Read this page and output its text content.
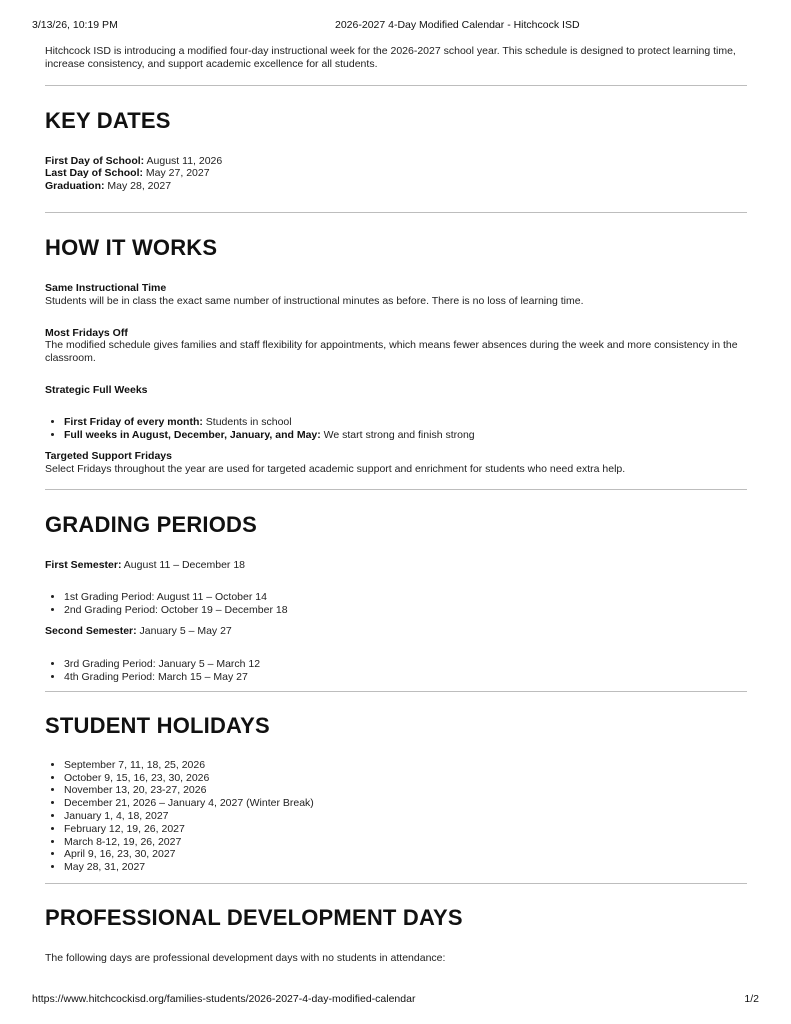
3/13/26, 10:19 PM	2026-2027 4-Day Modified Calendar - Hitchcock ISD

Hitchcock ISD is introducing a modified four-day instructional week for the 2026-2027 school year. This schedule is designed to protect learning time, increase consistency, and support academic excellence for all students.

KEY DATES

First Day of School: August 11, 2026

Last Day of School: May 27, 2027

Graduation: May 28, 2027

HOW IT WORKS

Same Instructional Time

Students will be in class the exact same number of instructional minutes as before. There is no loss of learning time.

Most Fridays Off

The modified schedule gives families and staff flexibility for appointments, which means fewer absences during the week and more consistency in the classroom.

Strategic Full Weeks

• First Friday of every month: Students in school
• Full weeks in August, December, January, and May: We start strong and finish strong

Targeted Support Fridays

Select Fridays throughout the year are used for targeted academic support and enrichment for students who need extra help.

GRADING PERIODS

First Semester: August 11 – December 18

• 1st Grading Period: August 11 – October 14
• 2nd Grading Period: October 19 – December 18

Second Semester: January 5 – May 27

• 3rd Grading Period: January 5 – March 12
• 4th Grading Period: March 15 – May 27
STUDENT HOLIDAYS
• September 7, 11, 18, 25, 2026
• October 9, 15, 16, 23, 30, 2026
• November 13, 20, 23-27, 2026
• December 21, 2026 – January 4, 2027 (Winter Break)
• January 1, 4, 18, 2027
• February 12, 19, 26, 2027
• March 8-12, 19, 26, 2027
• April 9, 16, 23, 30, 2027
• May 28, 31, 2027
PROFESSIONAL DEVELOPMENT DAYS

The following days are professional development days with no students in attendance:

https://www.hitchcockisd.org/families-students/2026-2027-4-day-modified-calendar	1/2
